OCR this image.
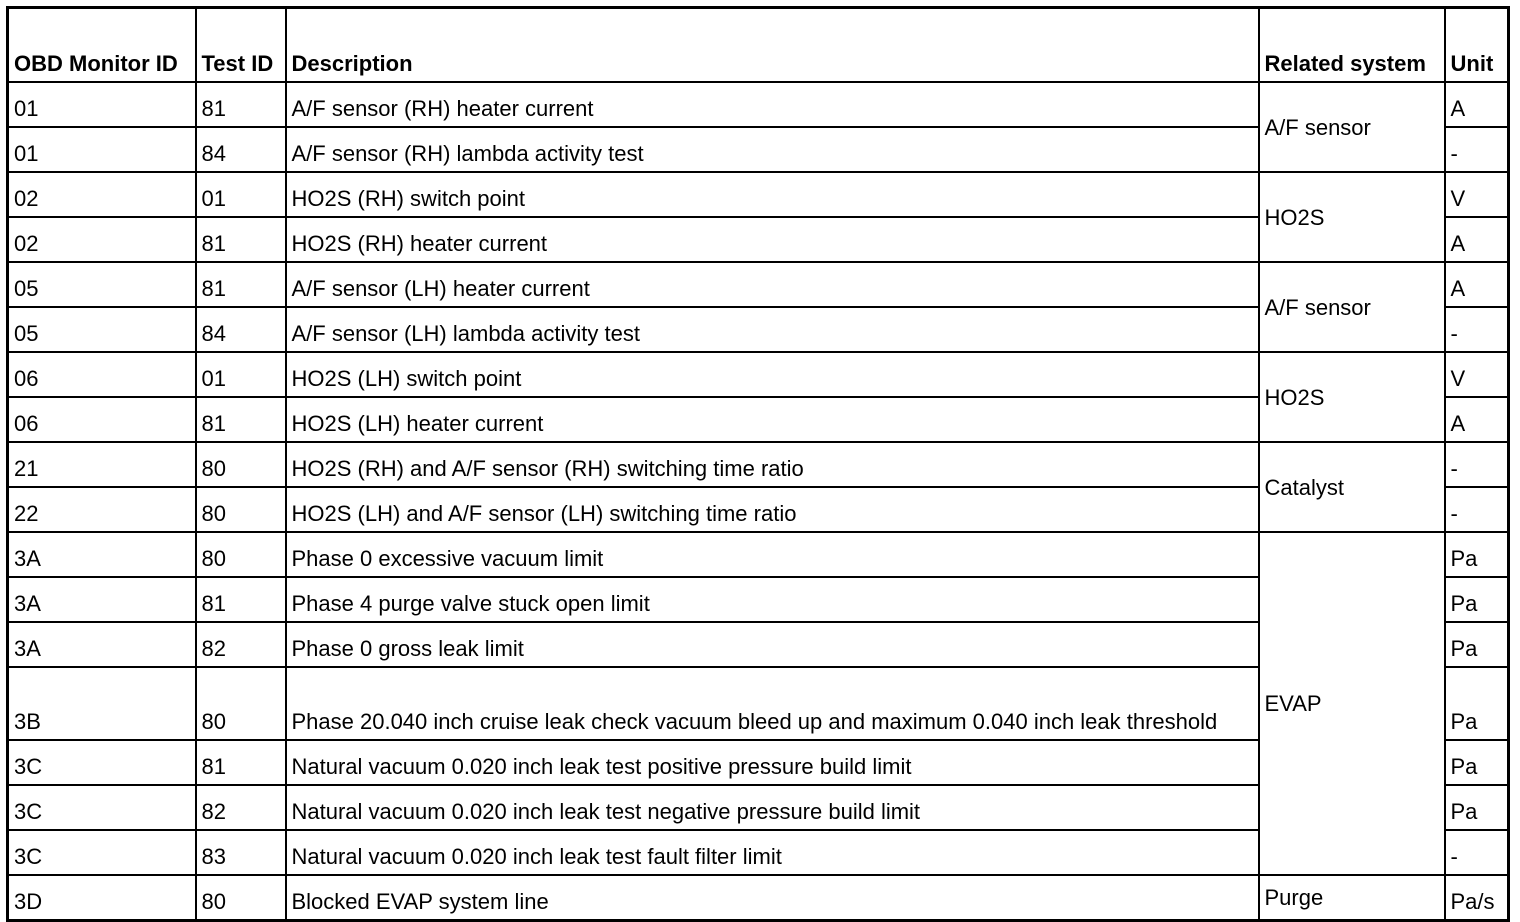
OBD Monitor ID	Test ID	Description	Related system	Unit
01	81	A/F sensor (RH) heater current	A/F sensor	A
01	84	A/F sensor (RH) lambda activity test		-
02	01	HO2S (RH) switch point	HO2S	V
02	81	HO2S (RH) heater current		A
05	81	A/F sensor (LH) heater current	A/F sensor	A
05	84	A/F sensor (LH) lambda activity test		-
06	01	HO2S (LH) switch point	HO2S	V
06	81	HO2S (LH) heater current		A
21	80	HO2S (RH) and A/F sensor (RH) switching time ratio	Catalyst	-
22	80	HO2S (LH) and A/F sensor (LH) switching time ratio		-
3A	80	Phase 0 excessive vacuum limit	EVAP	Pa
3A	81	Phase 4 purge valve stuck open limit		Pa
3A	82	Phase 0 gross leak limit		Pa
3B	80	Phase 20.040 inch cruise leak check vacuum bleed up and maximum 0.040 inch leak threshold		Pa
3C	81	Natural vacuum 0.020 inch leak test positive pressure build limit		Pa
3C	82	Natural vacuum 0.020 inch leak test negative pressure build limit		Pa
3C	83	Natural vacuum 0.020 inch leak test fault filter limit		-
3D	80	Blocked EVAP system line	Purge	Pa/s
